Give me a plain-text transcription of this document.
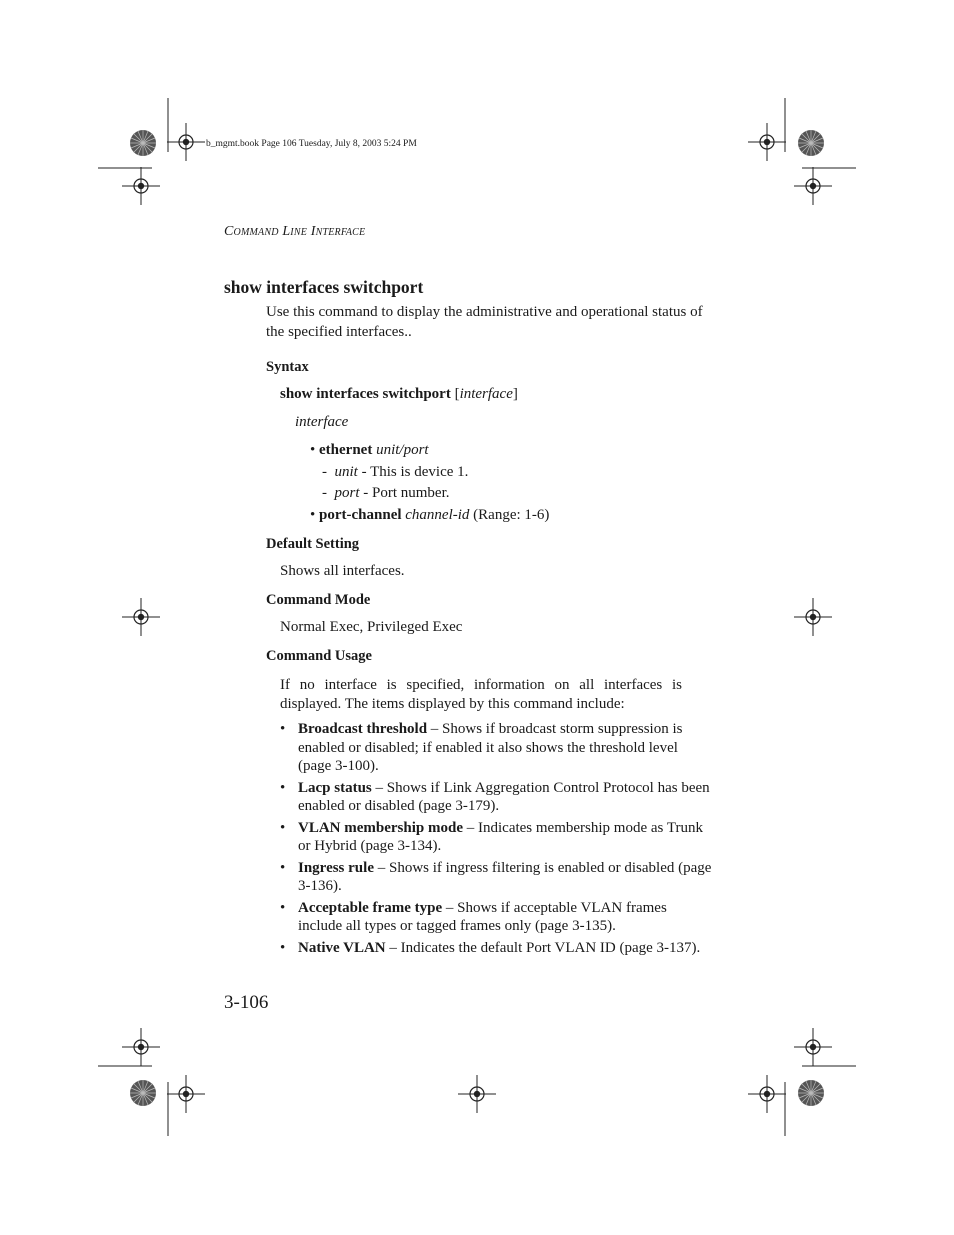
b_mgmt.book Page 106 Tuesday, July 8, 2003 5:24 PM
Command Line Interface
show interfaces switchport
Use this command to display the administrative and operational status of the specified interfaces..
Syntax
show interfaces switchport [interface]
interface
• ethernet unit/port
- unit - This is device 1.
- port - Port number.
• port-channel channel-id (Range: 1-6)
Default Setting
Shows all interfaces.
Command Mode
Normal Exec, Privileged Exec
Command Usage
If no interface is specified, information on all interfaces is displayed. The items displayed by this command include:
• Broadcast threshold – Shows if broadcast storm suppression is enabled or disabled; if enabled it also shows the threshold level (page 3-100).
• Lacp status – Shows if Link Aggregation Control Protocol has been enabled or disabled (page 3-179).
• VLAN membership mode – Indicates membership mode as Trunk or Hybrid (page 3-134).
• Ingress rule – Shows if ingress filtering is enabled or disabled (page 3-136).
• Acceptable frame type – Shows if acceptable VLAN frames include all types or tagged frames only (page 3-135).
• Native VLAN – Indicates the default Port VLAN ID (page 3-137).
3-106
